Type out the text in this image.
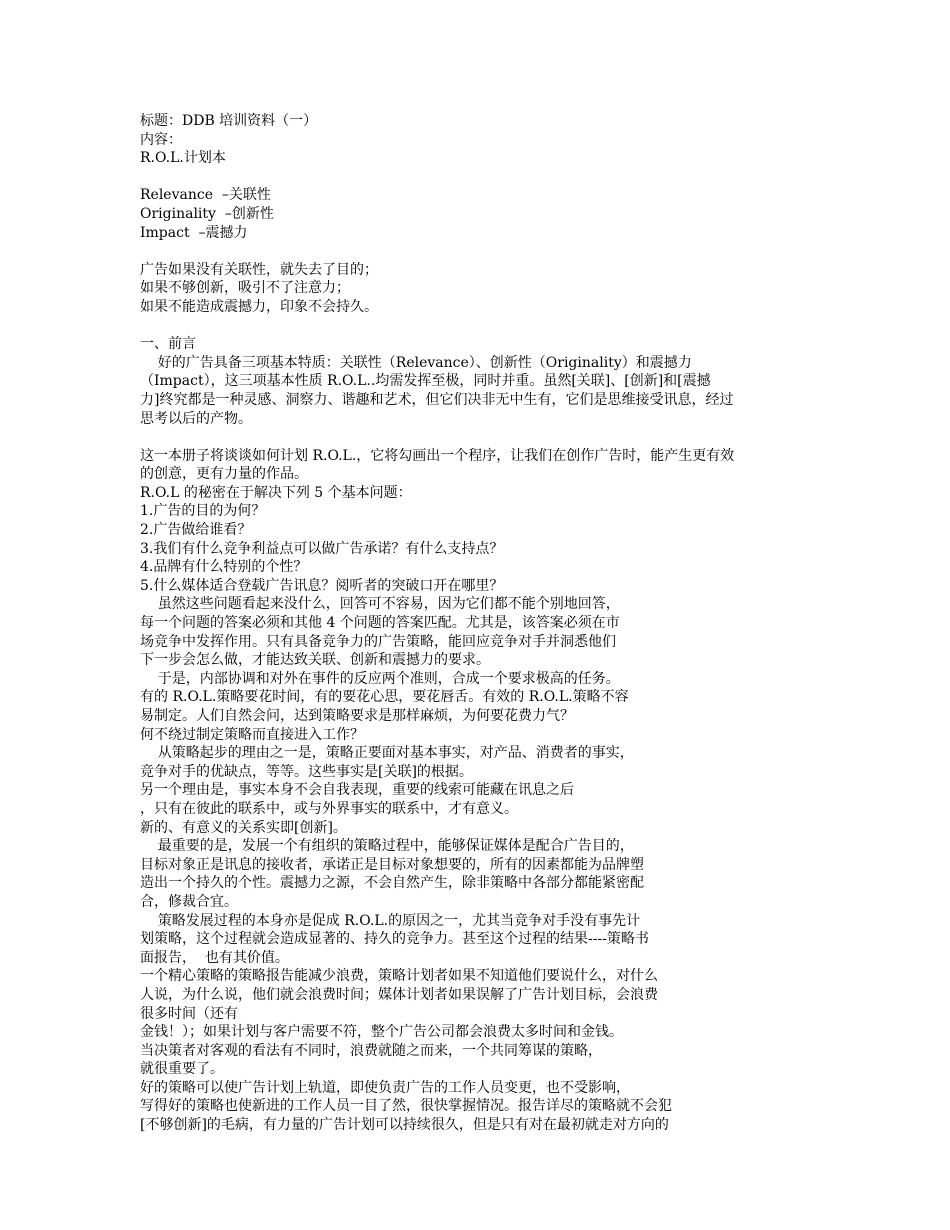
标题：DDB 培训资料（一）
内容：
R.O.L.计划本
Relevance  –关联性
Originality  –创新性
Impact  –震撼力
广告如果没有关联性，就失去了目的；
如果不够创新，吸引不了注意力；
如果不能造成震撼力，印象不会持久。
一、前言
好的广告具备三项基本特质：关联性（Relevance）、创新性（Originality）和震撼力
（Impact），这三项基本性质 R.O.L..均需发挥至极，同时并重。虽然[关联]、[创新]和[震撼
力]终究都是一种灵感、洞察力、谐趣和艺术，但它们决非无中生有，它们是思维接受讯息，经过
思考以后的产物。
这一本册子将谈谈如何计划 R.O.L.，它将勾画出一个程序，让我们在创作广告时，能产生更有效
的创意，更有力量的作品。
R.O.L 的秘密在于解决下列 5 个基本问题：
1.广告的目的为何？
2.广告做给谁看？
3.我们有什么竞争利益点可以做广告承诺？有什么支持点？
4.品牌有什么特别的个性？
5.什么媒体适合登载广告讯息？阅听者的突破口开在哪里？
虽然这些问题看起来没什么，回答可不容易，因为它们都不能个别地回答，
每一个问题的答案必须和其他 4 个问题的答案匹配。尤其是，该答案必须在市
场竞争中发挥作用。只有具备竞争力的广告策略，能回应竞争对手并洞悉他们
下一步会怎么做，才能达致关联、创新和震撼力的要求。
于是，内部协调和对外在事件的反应两个准则，合成一个要求极高的任务。
有的 R.O.L.策略要花时间，有的要花心思，要花唇舌。有效的 R.O.L.策略不容
易制定。人们自然会问，达到策略要求是那样麻烦，为何要花费力气？
何不绕过制定策略而直接进入工作？
从策略起步的理由之一是，策略正要面对基本事实，对产品、消费者的事实，
竞争对手的优缺点，等等。这些事实是[关联]的根据。
另一个理由是，事实本身不会自我表现，重要的线索可能藏在讯息之后
，只有在彼此的联系中，或与外界事实的联系中，才有意义。
新的、有意义的关系实即[创新]。
最重要的是，发展一个有组织的策略过程中，能够保证媒体是配合广告目的，
目标对象正是讯息的接收者，承诺正是目标对象想要的，所有的因素都能为品牌塑
造出一个持久的个性。震撼力之源，不会自然产生，除非策略中各部分都能紧密配
合，修裁合宜。
策略发展过程的本身亦是促成 R.O.L.的原因之一，尤其当竞争对手没有事先计
划策略，这个过程就会造成显著的、持久的竞争力。甚至这个过程的结果----策略书
面报告，  也有其价值。
一个精心策略的策略报告能减少浪费，策略计划者如果不知道他们要说什么，对什么
人说，为什么说，他们就会浪费时间；媒体计划者如果误解了广告计划目标，会浪费
很多时间（还有
金钱！）；如果计划与客户需要不符，整个广告公司都会浪费太多时间和金钱。
当决策者对客观的看法有不同时，浪费就随之而来，一个共同筹谋的策略，
就很重要了。
好的策略可以使广告计划上轨道，即使负责广告的工作人员变更，也不受影响，
写得好的策略也使新进的工作人员一目了然，很快掌握情况。报告详尽的策略就不会犯
[不够创新]的毛病，有力量的广告计划可以持续很久，但是只有对在最初就走对方向的
